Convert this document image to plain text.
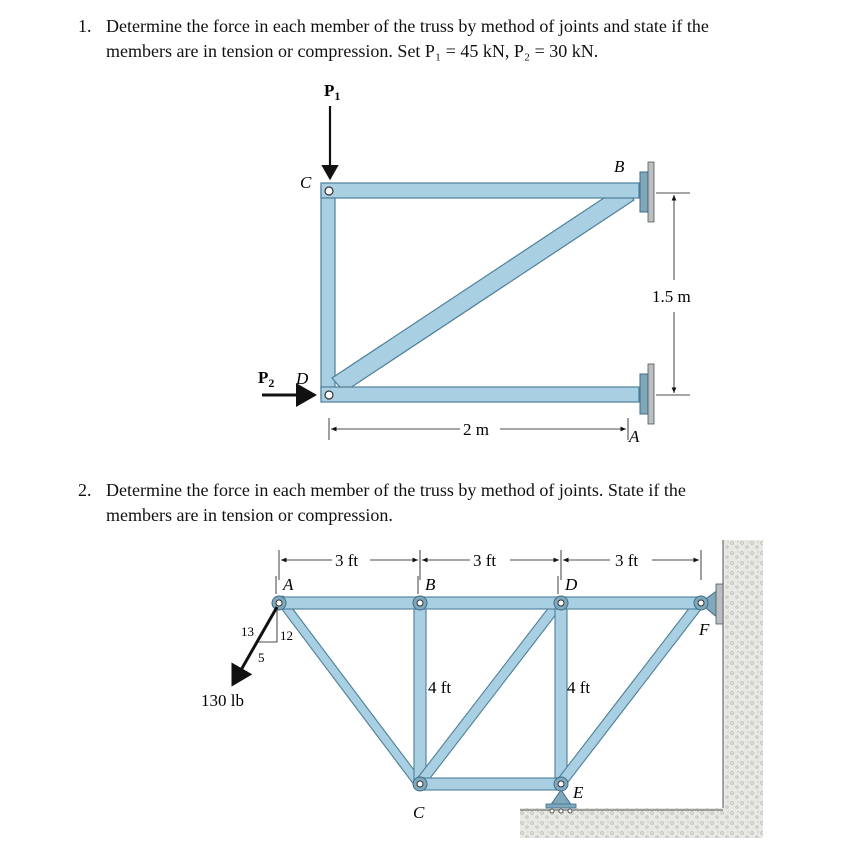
1. Determine the force in each member of the truss by method of joints and state if the
members are in tension or compression. Set P₁ = 45 kN, P₂ = 30 kN.
2. Determine the force in each member of the truss by method of joints. State if the
members are in tension or compression.
$P_1$
$P_2$
C
B
D
A
2 m
1.5 m
A	B	D
F
C
E
3 ft	3 ft	3 ft
4 ft	4 ft
13 12
5
130 lb
